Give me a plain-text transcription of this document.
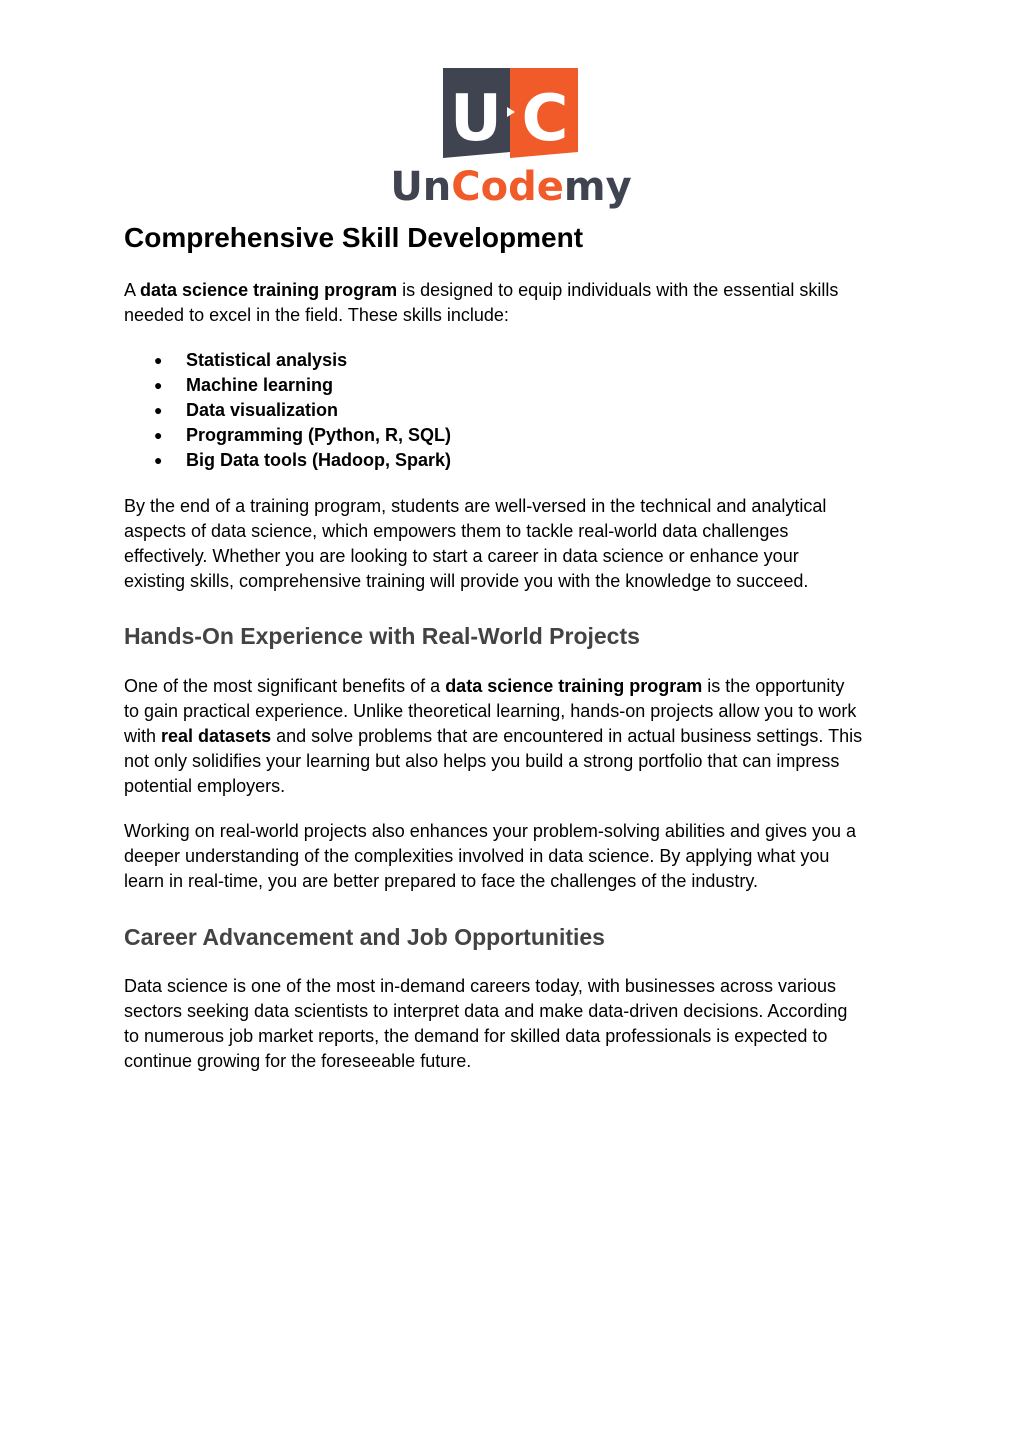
U C
UnCodemy
Comprehensive Skill Development

A data science training program is designed to equip individuals with the essential skills

needed to excel in the field. These skills include:

● Statistical analysis
● Machine learning
● Data visualization
● Programming (Python, R, SQL)
● Big Data tools (Hadoop, Spark)

By the end of a training program, students are well-versed in the technical and analytical

aspects of data science, which empowers them to tackle real-world data challenges

effectively. Whether you are looking to start a career in data science or enhance your

existing skills, comprehensive training will provide you with the knowledge to succeed.

Hands-On Experience with Real-World Projects

One of the most significant benefits of a data science training program is the opportunity

to gain practical experience. Unlike theoretical learning, hands-on projects allow you to work

with real datasets and solve problems that are encountered in actual business settings. This

not only solidifies your learning but also helps you build a strong portfolio that can impress

potential employers.

Working on real-world projects also enhances your problem-solving abilities and gives you a

deeper understanding of the complexities involved in data science. By applying what you

learn in real-time, you are better prepared to face the challenges of the industry.

Career Advancement and Job Opportunities

Data science is one of the most in-demand careers today, with businesses across various

sectors seeking data scientists to interpret data and make data-driven decisions. According

to numerous job market reports, the demand for skilled data professionals is expected to

continue growing for the foreseeable future.
